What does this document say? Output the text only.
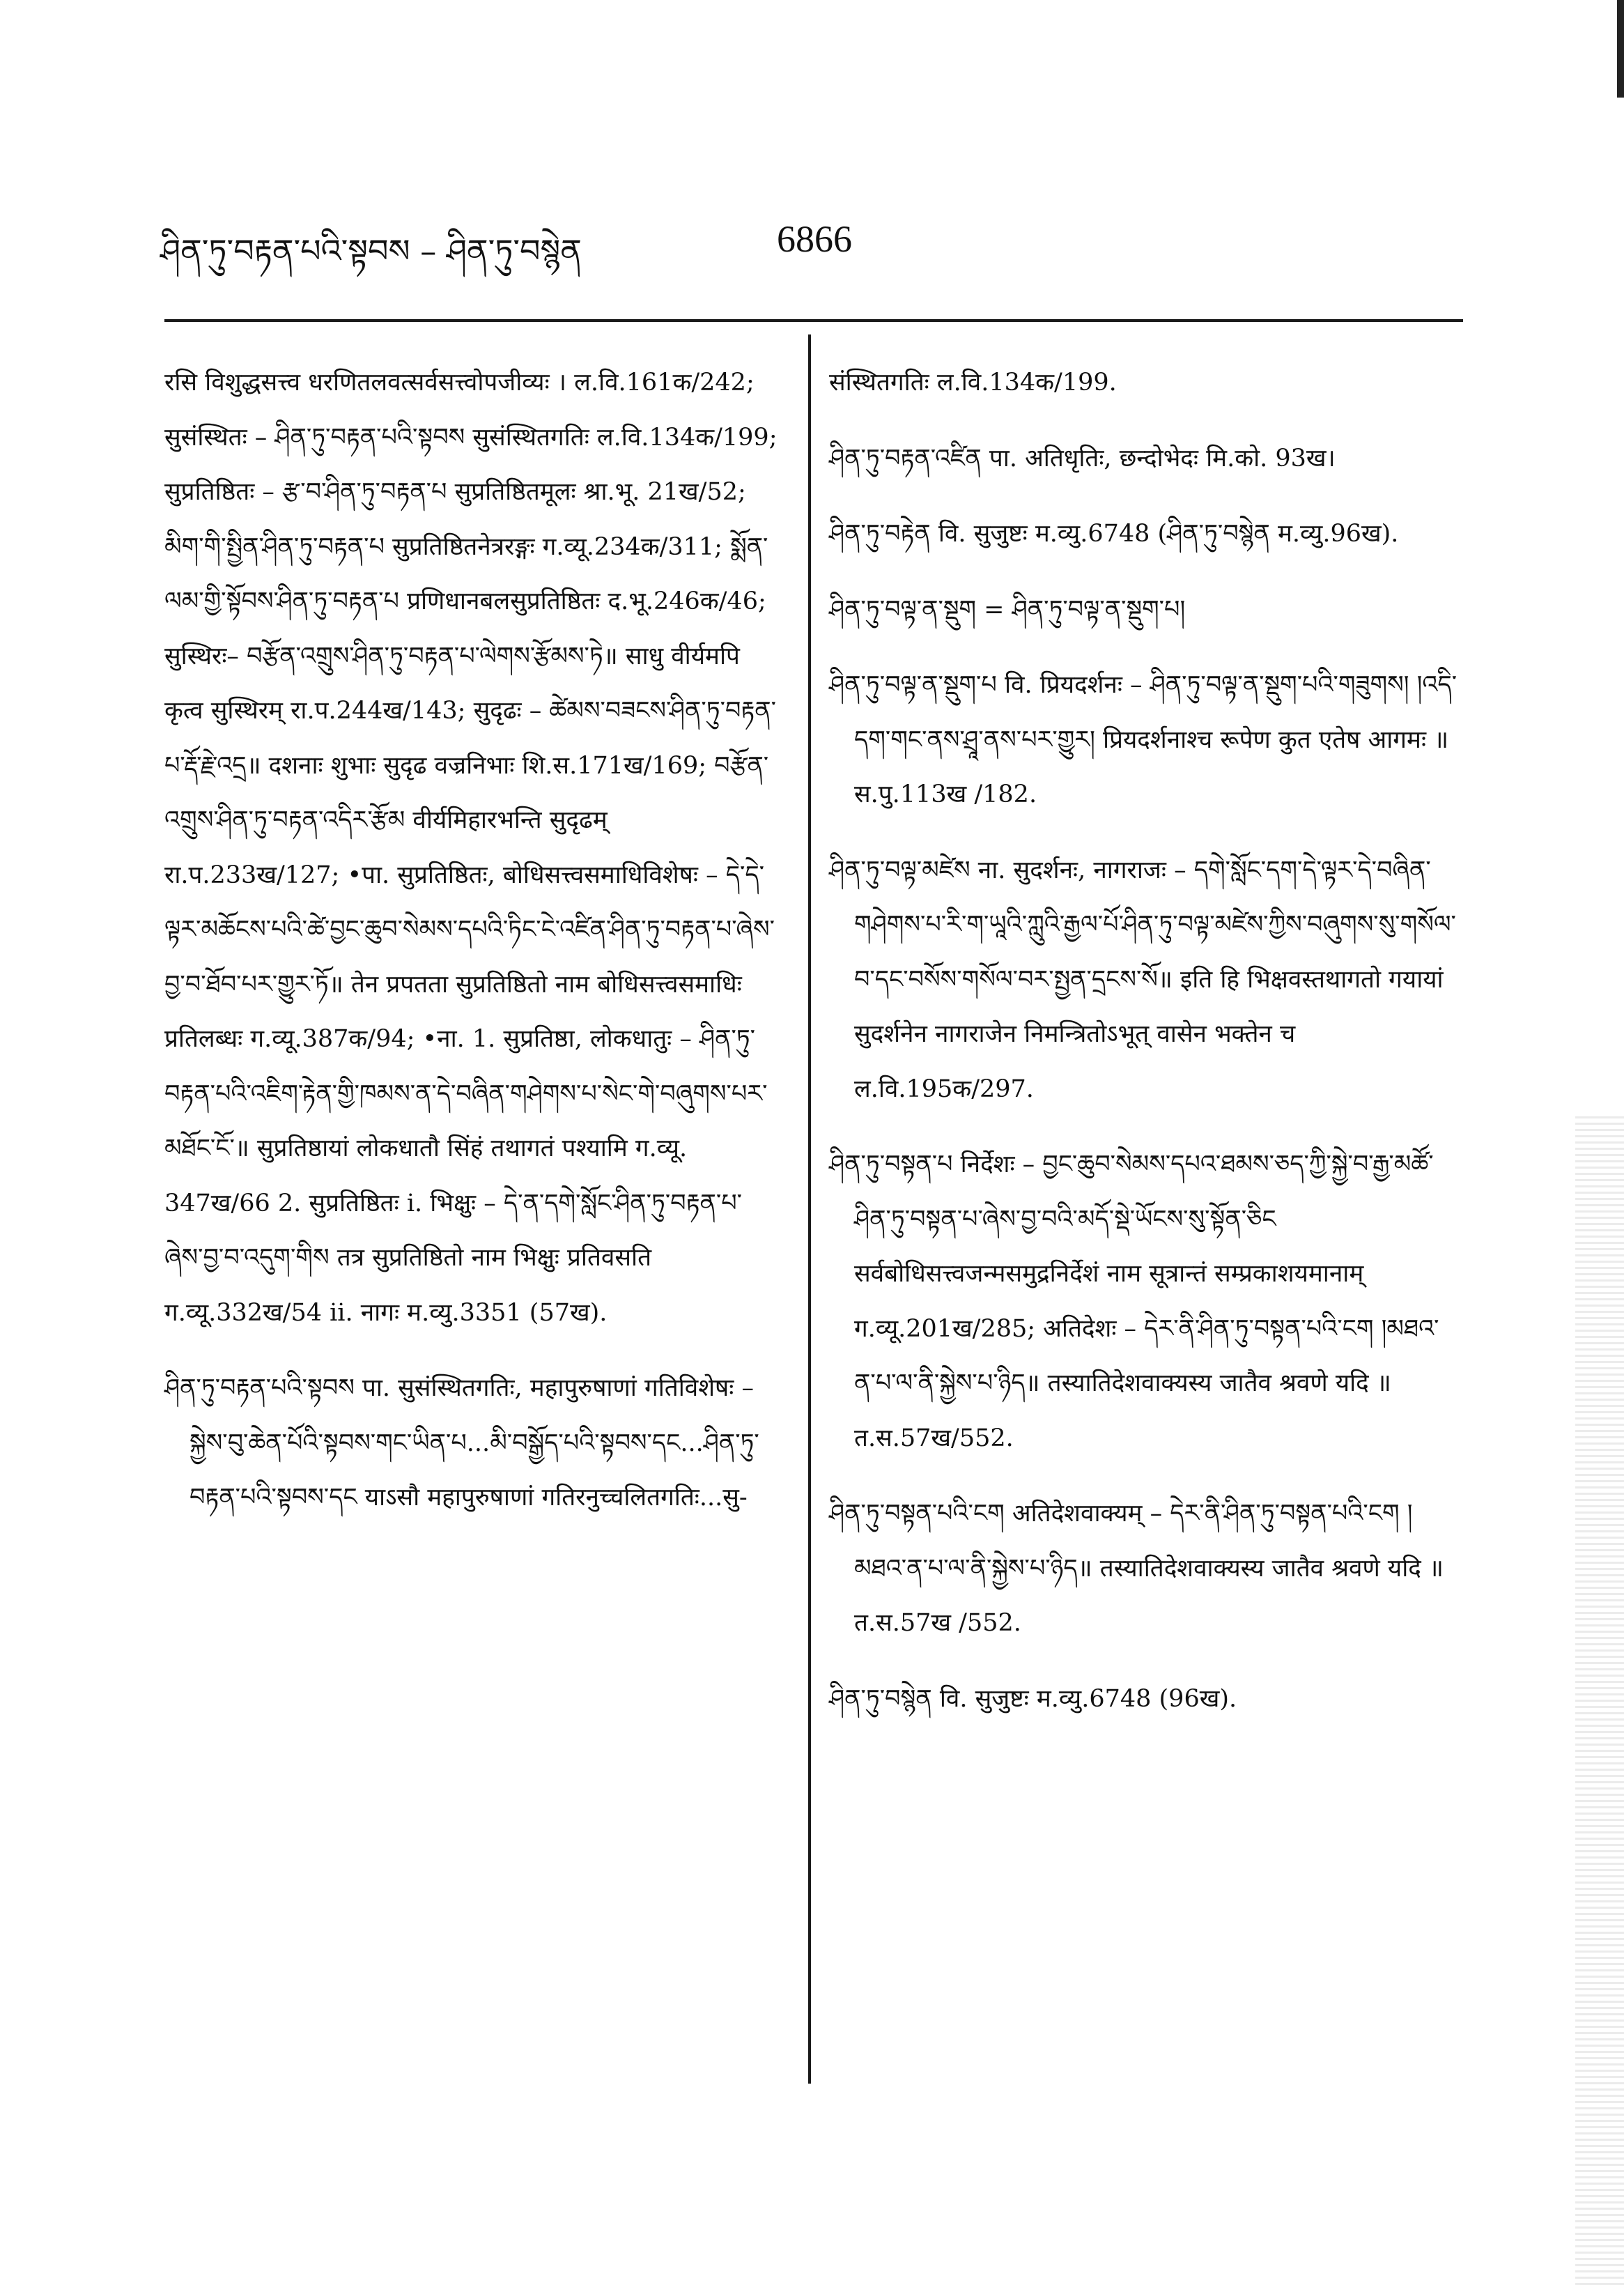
ཤིན་ཏུ་བརྟན་པའི་སྟབས – ཤིན་ཏུ་བསྙེན	6866

रसि विशुद्धसत्त्व धरणितलवत्सर्वसत्त्वोपजीव्यः । ल.वि.161क/242; सुसंस्थितः – ཤིན་ཏུ་བརྟན་པའི་སྟབས सुसंस्थितगतिः ल.वि.134क/199; सुप्रतिष्ठितः – རྩ་བ་ཤིན་ཏུ་བརྟན་པ सुप्रतिष्ठितमूलः श्रा.भू. 21ख/52; མིག་གི་སྤྱིན་ཤིན་ཏུ་བརྟན་པ सुप्रतिष्ठितनेत्ररङ्गः ग.व्यू.234क/311; སྨོན་ལམ་གྱི་སྟོབས་ཤིན་ཏུ་བརྟན་པ प्रणिधानबलसुप्रतिष्ठितः द.भू.246क/46; सुस्थिरः– བརྩོན་འགྲུས་ཤིན་ཏུ་བརྟན་པ་ལེགས་རྩོམས་ཏེ॥ साधु वीर्यमपि कृत्व सुस्थिरम् रा.प.244ख/143; सुदृढः – ཚེམས་བཟངས་ཤིན་ཏུ་བརྟན་པ་རྡོ་རྗེ་འདྲ॥ दशनाः शुभाः सुदृढ वज्रनिभाः शि.स.171ख/169; བརྩོན་འགྲུས་ཤིན་ཏུ་བརྟན་འདིར་རྩོམ वीर्यमिहारभन्ति सुदृढम् रा.प.233ख/127; •पा. सुप्रतिष्ठितः, बोधिसत्त्वसमाधिविशेषः – དེ་དེ་ལྟར་མཆོངས་པའི་ཚེ་བྱང་ཆུབ་སེམས་དཔའི་ཏིང་ངེ་འཛིན་ཤིན་ཏུ་བརྟན་པ་ཞེས་བྱ་བ་ཐོབ་པར་གྱུར་ཏོ॥ तेन प्रपतता सुप्रतिष्ठितो नाम बोधिसत्त्वसमाधिः प्रतिलब्धः ग.व्यू.387क/94; •ना. 1. सुप्रतिष्ठा, लोकधातुः – ཤིན་ཏུ་བརྟན་པའི་འཇིག་རྟེན་གྱི་ཁམས་ན་དེ་བཞིན་གཤེགས་པ་སེང་གེ་བཞུགས་པར་མཐོང་ངོ་॥ सुप्रतिष्ठायां लोकधातौ सिंहं तथागतं पश्यामि ग.व्यू. 347ख/66 2. सुप्रतिष्ठितः i. भिक्षुः – དེ་ན་དགེ་སློང་ཤིན་ཏུ་བརྟན་པ་ཞེས་བྱ་བ་འདུག་གིས तत्र सुप्रतिष्ठितो नाम भिक्षुः प्रतिवसति ग.व्यू.332ख/54 ii. नागः म.व्यु.3351 (57ख).

ཤིན་ཏུ་བརྟན་པའི་སྟབས पा. सुसंस्थितगतिः, महापुरुषाणां गतिविशेषः – སྐྱེས་བུ་ཆེན་པོའི་སྟབས་གང་ཡིན་པ...མི་བསྒྱོད་པའི་སྟབས་དང...ཤིན་ཏུ་བརྟན་པའི་སྟབས་དང याऽसौ महापुरुषाणां गतिरनुच्चलितगतिः...सु-

संस्थितगतिः ल.वि.134क/199.

ཤིན་ཏུ་བརྟན་འཛིན पा. अतिधृतिः, छन्दोभेदः मि.को. 93ख।

ཤིན་ཏུ་བརྟེན वि. सुजुष्टः म.व्यु.6748 (ཤིན་ཏུ་བསྙེན म.व्यु.96ख).

ཤིན་ཏུ་བལྟ་ན་སྡུག = ཤིན་ཏུ་བལྟ་ན་སྡུག་པ།

ཤིན་ཏུ་བལྟ་ན་སྡུག་པ वि. प्रियदर्शनः – ཤིན་ཏུ་བལྟ་ན་སྡུག་པའི་གཟུགས། །འདི་དག་གང་ནས་ཤྲཱ་ནས་པར་གྱུར། प्रियदर्शनाश्च रूपेण कुत एतेष आगमः ॥ स.पु.113ख /182.

ཤིན་ཏུ་བལྟ་མཛེས ना. सुदर्शनः, नागराजः – དགེ་སློང་དག་དེ་ལྟར་དེ་བཞིན་གཤེགས་པ་རི་ག་ཡཱའི་ཀླུའི་རྒྱལ་པོ་ཤིན་ཏུ་བལྟ་མཛེས་ཀྱིས་བཞུགས་སུ་གསོལ་བ་དང་བསོས་གསོལ་བར་སྤྱན་དྲངས་སོ॥ इति हि भिक्षवस्तथागतो गयायां सुदर्शनेन नागराजेन निमन्त्रितोऽभूत् वासेन भक्तेन च ल.वि.195क/297.

ཤིན་ཏུ་བསྟན་པ निर्देशः – བྱང་ཆུབ་སེམས་དཔའ་ཐམས་ཅད་ཀྱི་སྐྱེ་བ་རྒྱ་མཚོ་ཤིན་ཏུ་བསྟན་པ་ཞེས་བྱ་བའི་མདོ་སྡེ་ཡོངས་སུ་སྟོན་ཅིང सर्वबोधिसत्त्वजन्मसमुद्रनिर्देशं नाम सूत्रान्तं सम्प्रकाशयमानाम् ग.व्यू.201ख/285; अतिदेशः – དེར་ནི་ཤིན་ཏུ་བསྟན་པའི་ངག །མཐའ་ན་པ་ལ་ནི་སྐྱེས་པ་ཉིད॥ तस्यातिदेशवाक्यस्य जातैव श्रवणे यदि ॥ त.स.57ख/552.

ཤིན་ཏུ་བསྟན་པའི་ངག अतिदेशवाक्यम् – དེར་ནི་ཤིན་ཏུ་བསྟན་པའི་ངག །མཐའ་ན་པ་ལ་ནི་སྐྱེས་པ་ཉིད॥ तस्यातिदेशवाक्यस्य जातैव श्रवणे यदि ॥ त.स.57ख /552.

ཤིན་ཏུ་བསྙེན वि. सुजुष्टः म.व्यु.6748 (96ख).
